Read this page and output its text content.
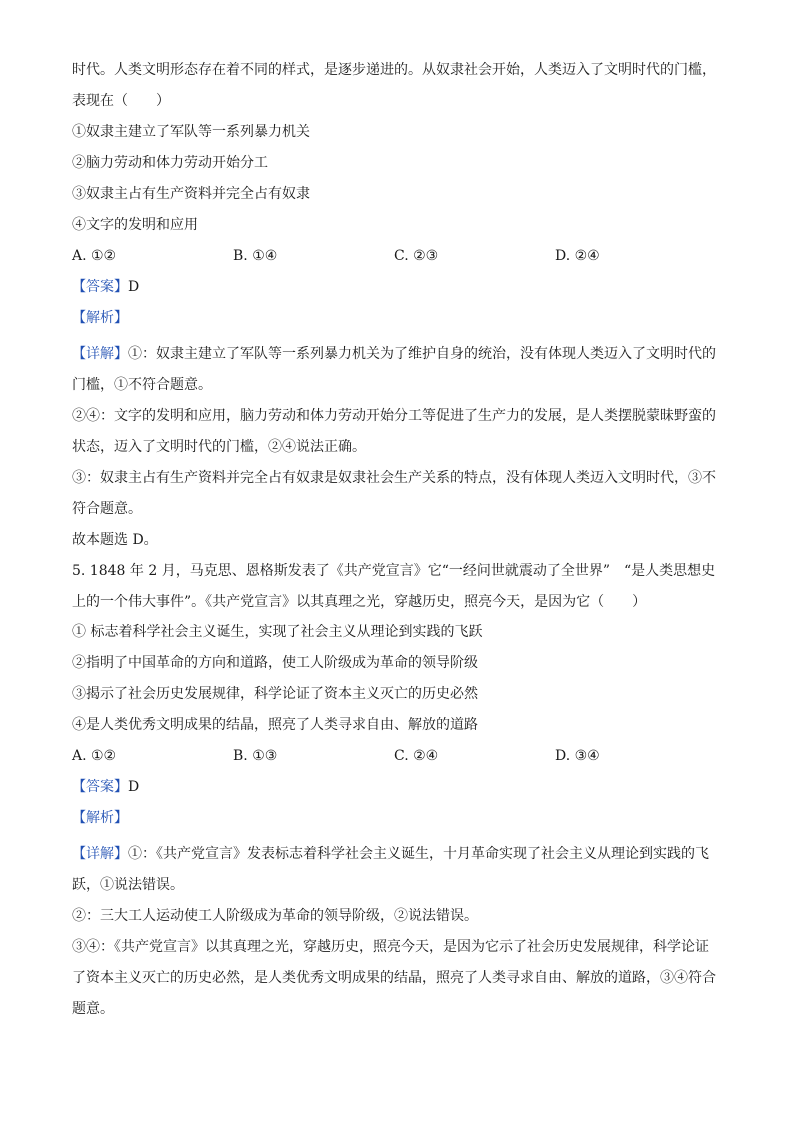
时代。人类文明形态存在着不同的样式，是逐步递进的。从奴隶社会开始，人类迈入了文明时代的门槛，

表现在（　　）

①奴隶主建立了军队等一系列暴力机关

②脑力劳动和体力劳动开始分工

③奴隶主占有生产资料并完全占有奴隶

④文字的发明和应用

A. ①②	B. ①④	C. ②③	D. ②④

【答案】D

【解析】

【详解】①：奴隶主建立了军队等一系列暴力机关为了维护自身的统治，没有体现人类迈入了文明时代的门槛，①不符合题意。

②④：文字的发明和应用，脑力劳动和体力劳动开始分工等促进了生产力的发展，是人类摆脱蒙昧野蛮的状态，迈入了文明时代的门槛，②④说法正确。

③：奴隶主占有生产资料并完全占有奴隶是奴隶社会生产关系的特点，没有体现人类迈入文明时代，③不符合题意。

故本题选 D。

5. 1848 年 2 月，马克思、恩格斯发表了《共产党宣言》它“一经问世就震动了全世界”　“是人类思想史上的一个伟大事件”。《共产党宣言》以其真理之光，穿越历史，照亮今天，是因为它（　　）

① 标志着科学社会主义诞生，实现了社会主义从理论到实践的飞跃

②指明了中国革命的方向和道路，使工人阶级成为革命的领导阶级

③揭示了社会历史发展规律，科学论证了资本主义灭亡的历史必然

④是人类优秀文明成果的结晶，照亮了人类寻求自由、解放的道路

A. ①②	B. ①③	C. ②④	D. ③④

【答案】D

【解析】

【详解】①：《共产党宣言》发表标志着科学社会主义诞生，十月革命实现了社会主义从理论到实践的飞跃，①说法错误。

②：三大工人运动使工人阶级成为革命的领导阶级，②说法错误。

③④：《共产党宣言》以其真理之光，穿越历史，照亮今天，是因为它示了社会历史发展规律，科学论证了资本主义灭亡的历史必然，是人类优秀文明成果的结晶，照亮了人类寻求自由、解放的道路，③④符合题意。
